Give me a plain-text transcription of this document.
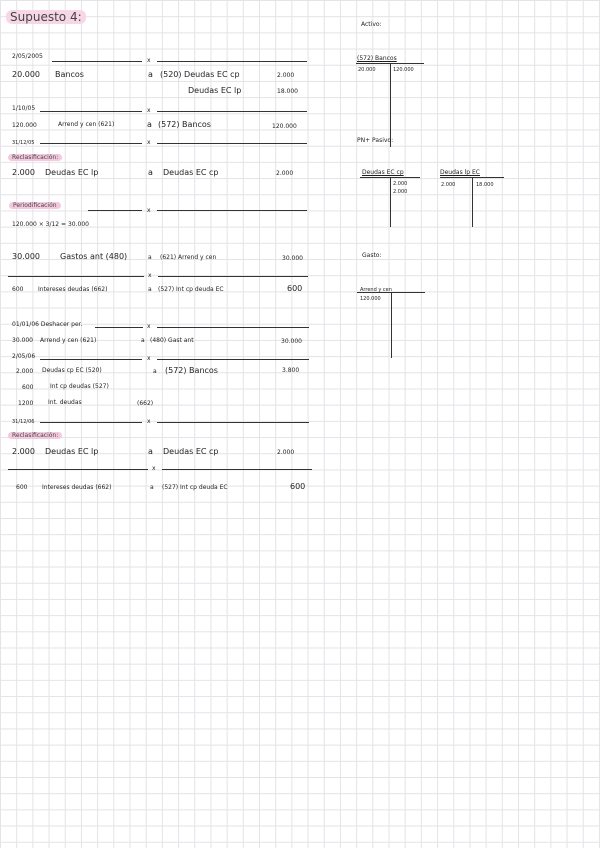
Supuesto 4:
2/05/2005
x
20.000 Bancos	a (520) Deudas EC cp	2.000
Deudas EC lp	18.000
1/10/05	x
120.000	Arrend y cen (621)	a (572) Bancos	120.000
31/12/05	x
Reclasificación:
2.000 Deudas EC lp	a Deudas EC cp	2.000
Periodificación
x
120.000 × 3/12 = 30.000
30.000	Gastos ant (480)	a (621) Arrend y cen	30.000
x
600 Intereses deudas (662)	a (527) Int cp deuda EC	600
01/01/06 Deshacer per.	x
30.000 Arrend y cen (621)	a (480) Gast ant	30.000
2/05/06	x
2.000 Deudas cp EC (520)	a (572) Bancos	3.800
600	Int cp deudas (527)
1200 Int. deudas	(662)
31/12/06	x
Reclasificación:
2.000 Deudas EC lp	a Deudas EC cp	2.000
x
600 Intereses deudas (662)	a (527) Int cp deuda EC	600
Activo:
(572) Bancos
20.000	120.000
PN+ Pasivo:
Deudas EC cp
2.000
2.000
Deudas lp EC
2.000	18.000
Gasto:
Arrend y cen
120.000
